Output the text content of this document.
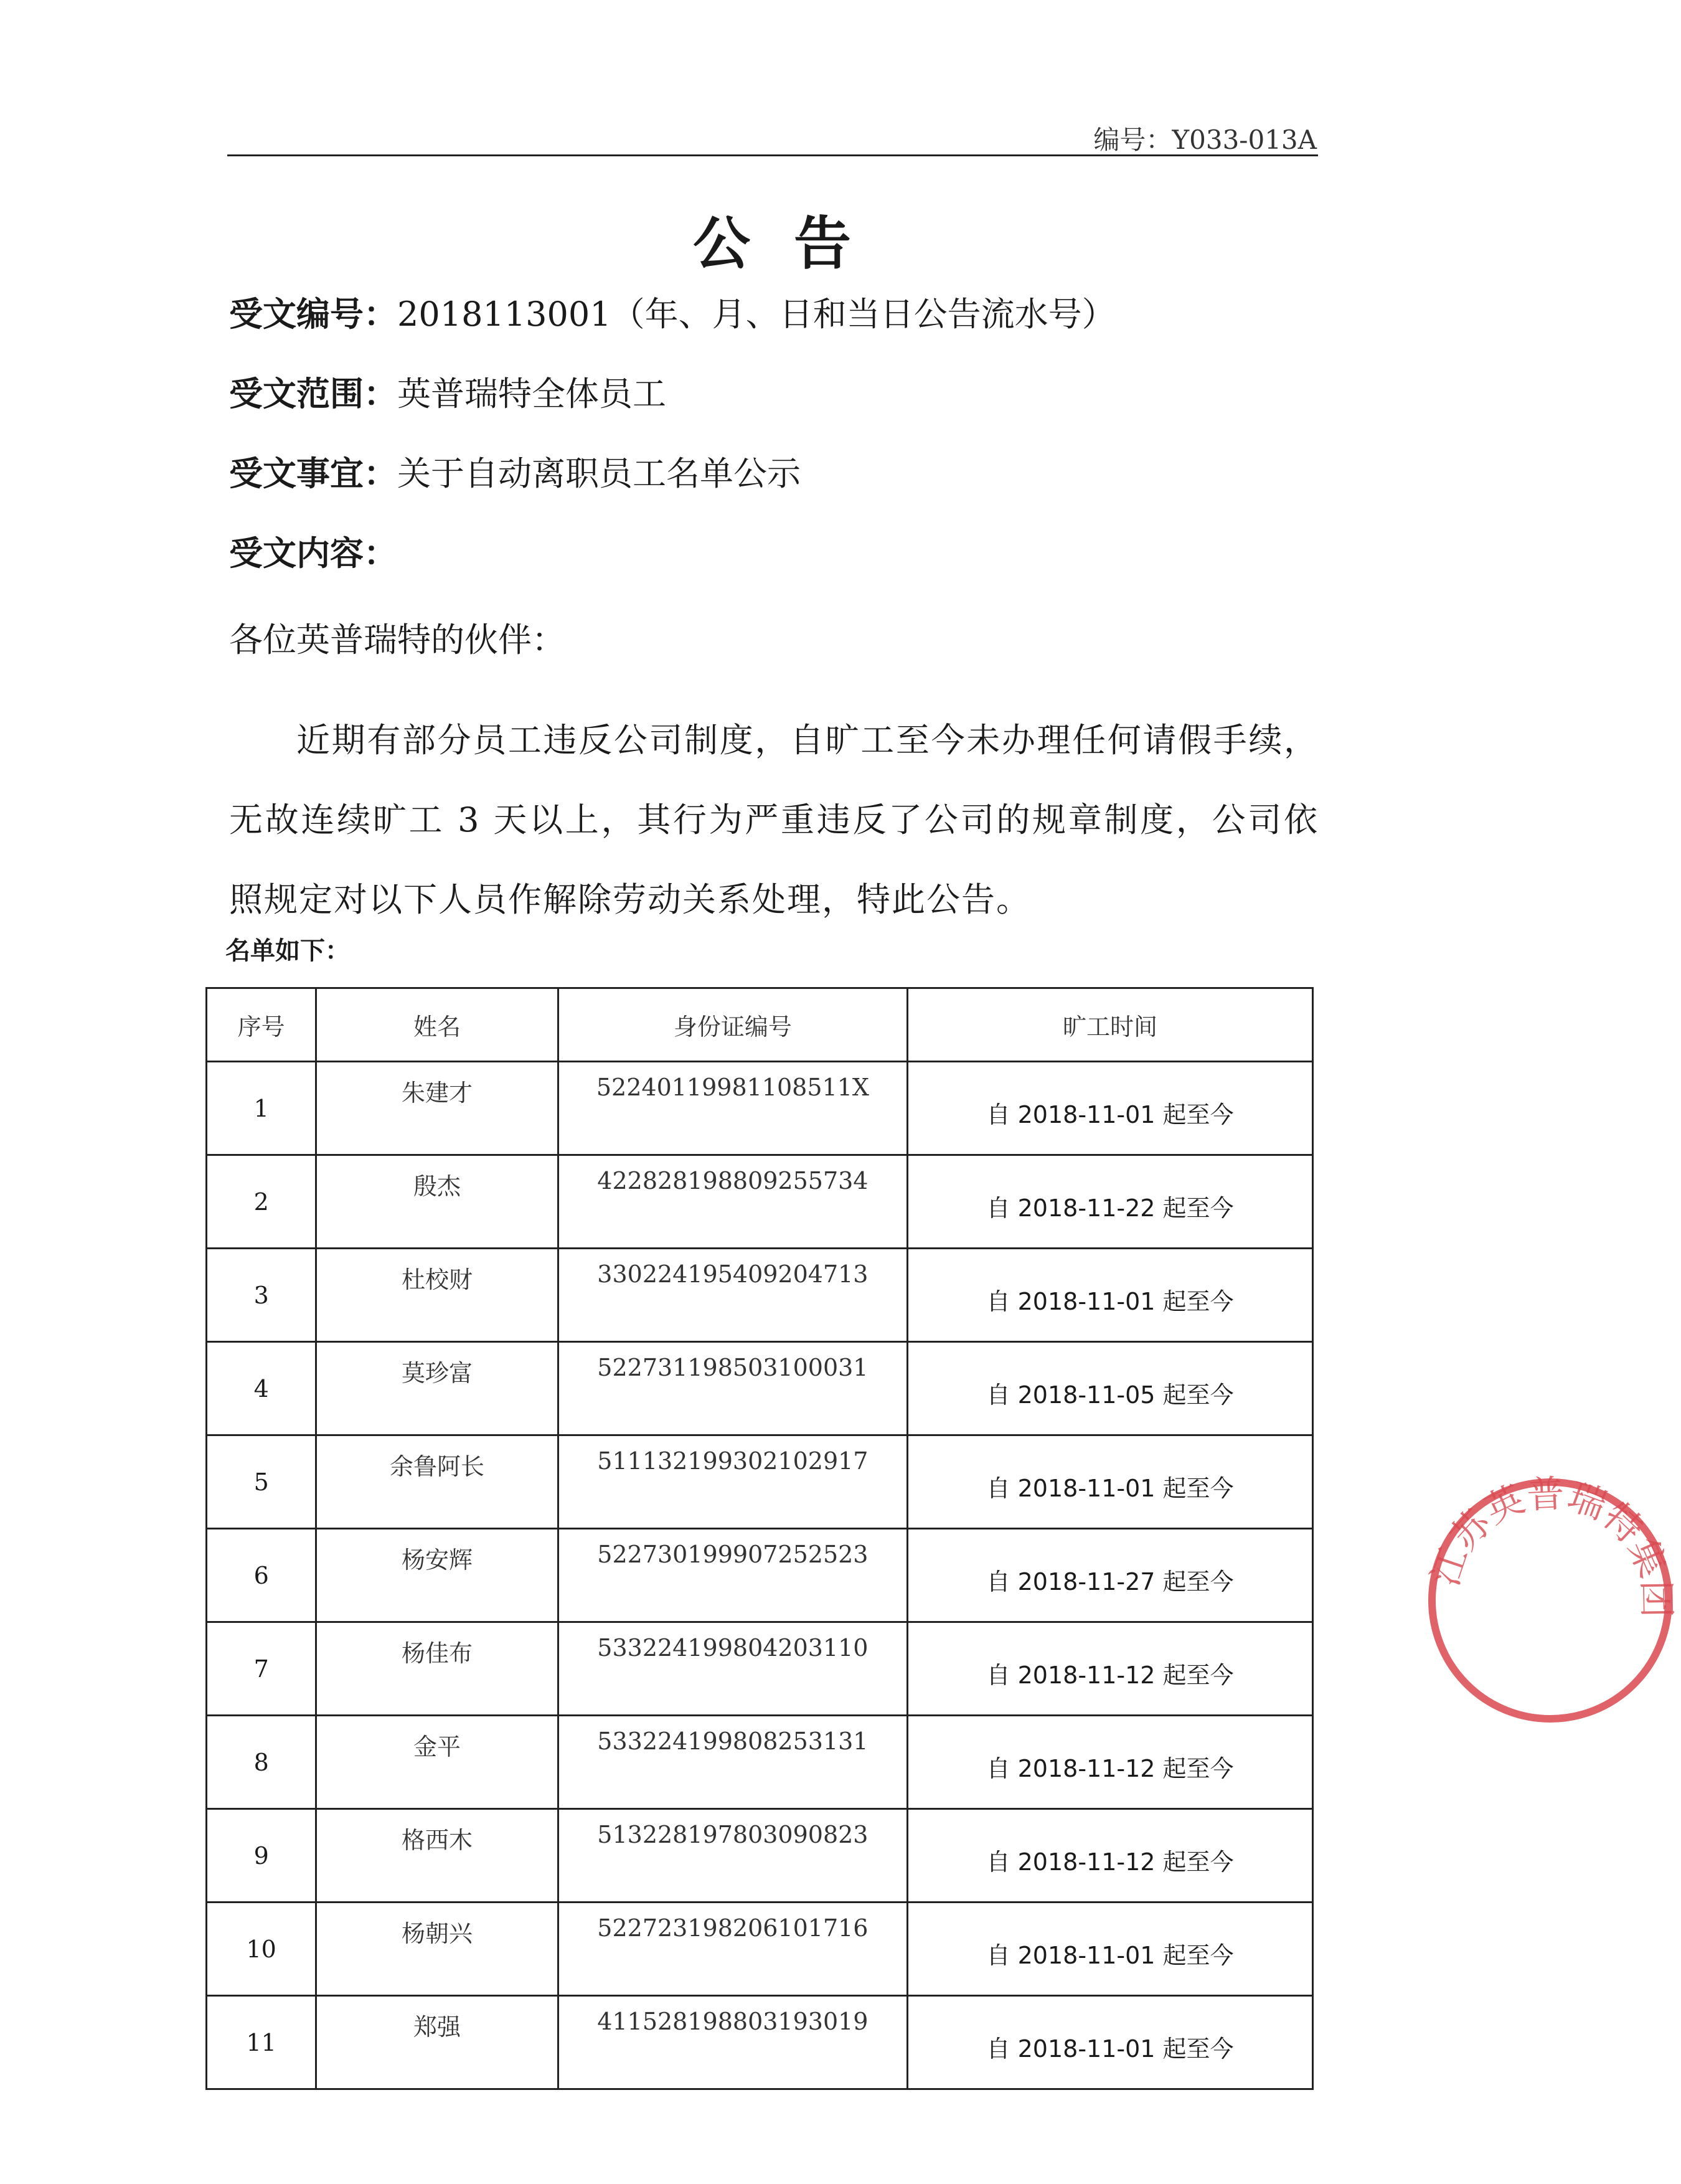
编号：Y033-013A
公告
受文编号：2018113001（年、月、日和当日公告流水号）
受文范围：英普瑞特全体员工
受文事宜：关于自动离职员工名单公示
受文内容：
各位英普瑞特的伙伴：
近期有部分员工违反公司制度，自旷工至今未办理任何请假手续，无故连续旷工 3 天以上，其行为严重违反了公司的规章制度，公司依照规定对以下人员作解除劳动关系处理，特此公告。
名单如下：
序号	姓名	身份证编号	旷工时间
1	朱建才	52240119981108511X	自 2018-11-01 起至今
2	殷杰	422828198809255734	自 2018-11-22 起至今
3	杜校财	330224195409204713	自 2018-11-01 起至今
4	莫珍富	522731198503100031	自 2018-11-05 起至今
5	余鲁阿长	511132199302102917	自 2018-11-01 起至今
6	杨安辉	522730199907252523	自 2018-11-27 起至今
7	杨佳布	533224199804203110	自 2018-11-12 起至今
8	金平	533224199808253131	自 2018-11-12 起至今
9	格西木	513228197803090823	自 2018-11-12 起至今
10	杨朝兴	522723198206101716	自 2018-11-01 起至今
11	郑强	411528198803193019	自 2018-11-01 起至今
江苏英普瑞特集团
